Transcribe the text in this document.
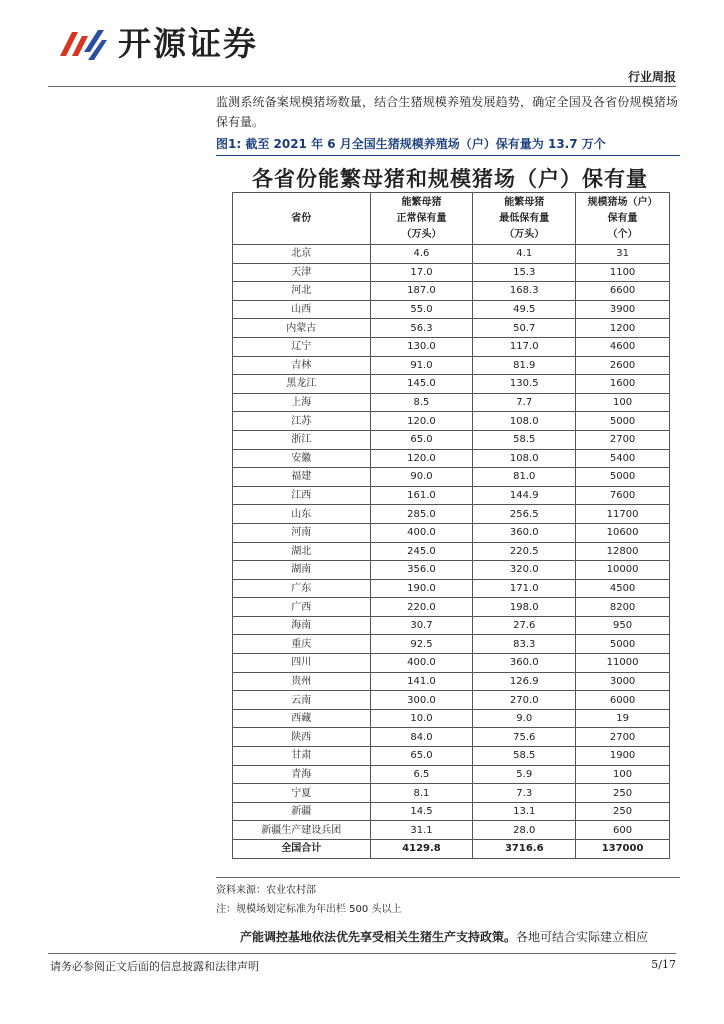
开源证券
行业周报
监测系统备案规模猪场数量，结合生猪规模养殖发展趋势，确定全国及各省份规模猪场保有量。
图1: 截至 2021 年 6 月全国生猪规模养殖场（户）保有量为 13.7 万个
各省份能繁母猪和规模猪场（户）保有量
省份	能繁母猪
正常保有量
（万头）	能繁母猪
最低保有量
（万头）	规模猪场（户）
保有量
（个）
北京	4.6	4.1	31
天津	17.0	15.3	1100
河北	187.0	168.3	6600
山西	55.0	49.5	3900
内蒙古	56.3	50.7	1200
辽宁	130.0	117.0	4600
吉林	91.0	81.9	2600
黑龙江	145.0	130.5	1600
上海	8.5	7.7	100
江苏	120.0	108.0	5000
浙江	65.0	58.5	2700
安徽	120.0	108.0	5400
福建	90.0	81.0	5000
江西	161.0	144.9	7600
山东	285.0	256.5	11700
河南	400.0	360.0	10600
湖北	245.0	220.5	12800
湖南	356.0	320.0	10000
广东	190.0	171.0	4500
广西	220.0	198.0	8200
海南	30.7	27.6	950
重庆	92.5	83.3	5000
四川	400.0	360.0	11000
贵州	141.0	126.9	3000
云南	300.0	270.0	6000
西藏	10.0	9.0	19
陕西	84.0	75.6	2700
甘肃	65.0	58.5	1900
青海	6.5	5.9	100
宁夏	8.1	7.3	250
新疆	14.5	13.1	250
新疆生产建设兵团	31.1	28.0	600
全国合计	4129.8	3716.6	137000
资料来源：农业农村部
注：规模场划定标准为年出栏 500 头以上
产能调控基地依法优先享受相关生猪生产支持政策。各地可结合实际建立相应
请务必参阅正文后面的信息披露和法律声明	5/17
